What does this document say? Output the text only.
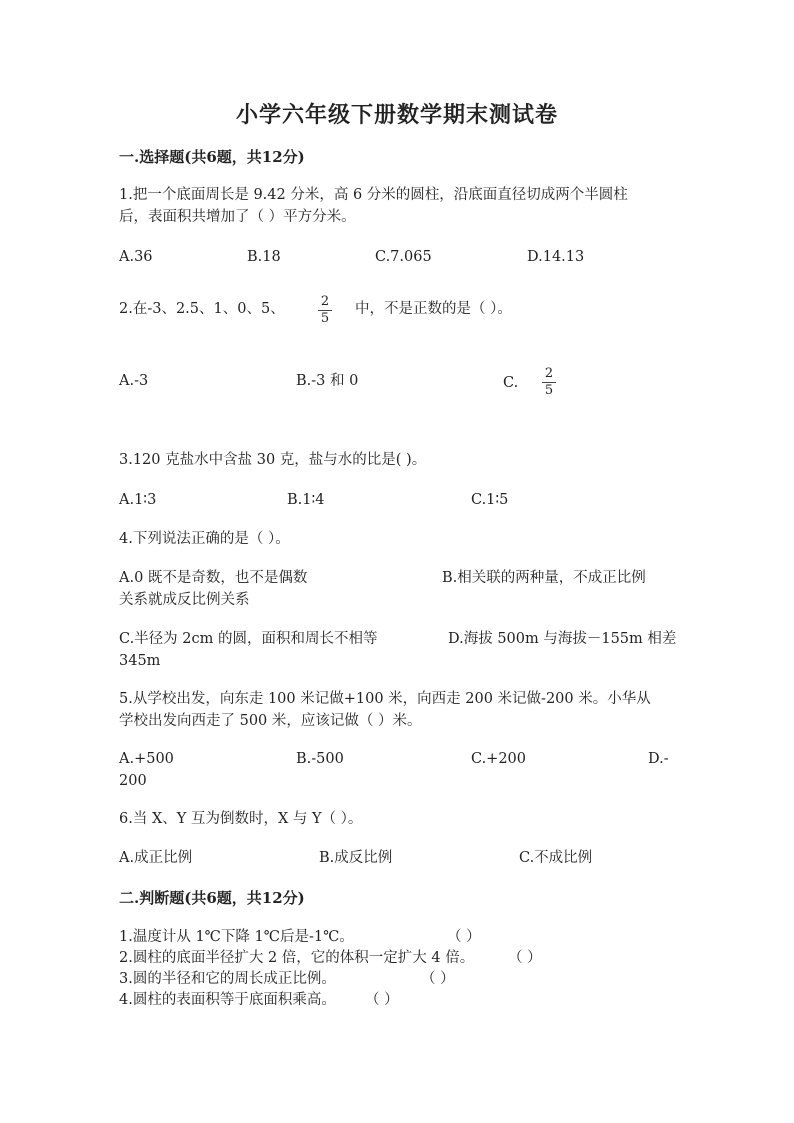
小学六年级下册数学期末测试卷
一.选择题(共6题，共12分)
1.把一个底面周长是 9.42 分米，高 6 分米的圆柱，沿底面直径切成两个半圆柱
后，表面积共增加了（ ）平方分米。
A.36	B.18	C.7.065	D.14.13
2.在-3、2.5、1、0、5、	2
5
中，不是正数的是（ ）。
A.-3	B.-3 和 0	C.
2
5
3.120 克盐水中含盐 30 克，盐与水的比是( )。
A.1∶3	B.1∶4	C.1∶5
4.下列说法正确的是（ ）。
A.0 既不是奇数，也不是偶数	B.相关联的两种量，不成正比例
关系就成反比例关系
C.半径为 2cm 的圆，面积和周长不相等	D.海拔 500m 与海拔－155m 相差
345m
5.从学校出发，向东走 100 米记做+100 米，向西走 200 米记做-200 米。小华从
学校出发向西走了 500 米，应该记做（ ）米。
A.+500	B.-500	C.+200	D.-
200
6.当 X、Y 互为倒数时，X 与 Y（ ）。
A.成正比例	B.成反比例	C.不成比例
二.判断题(共6题，共12分)
1.温度计从 1℃下降 1℃后是-1℃。	（ ）
2.圆柱的底面半径扩大 2 倍，它的体积一定扩大 4 倍。 （ ）
3.圆的半径和它的周长成正比例。	（ ）
4.圆柱的表面积等于底面积乘高。 （ ）
